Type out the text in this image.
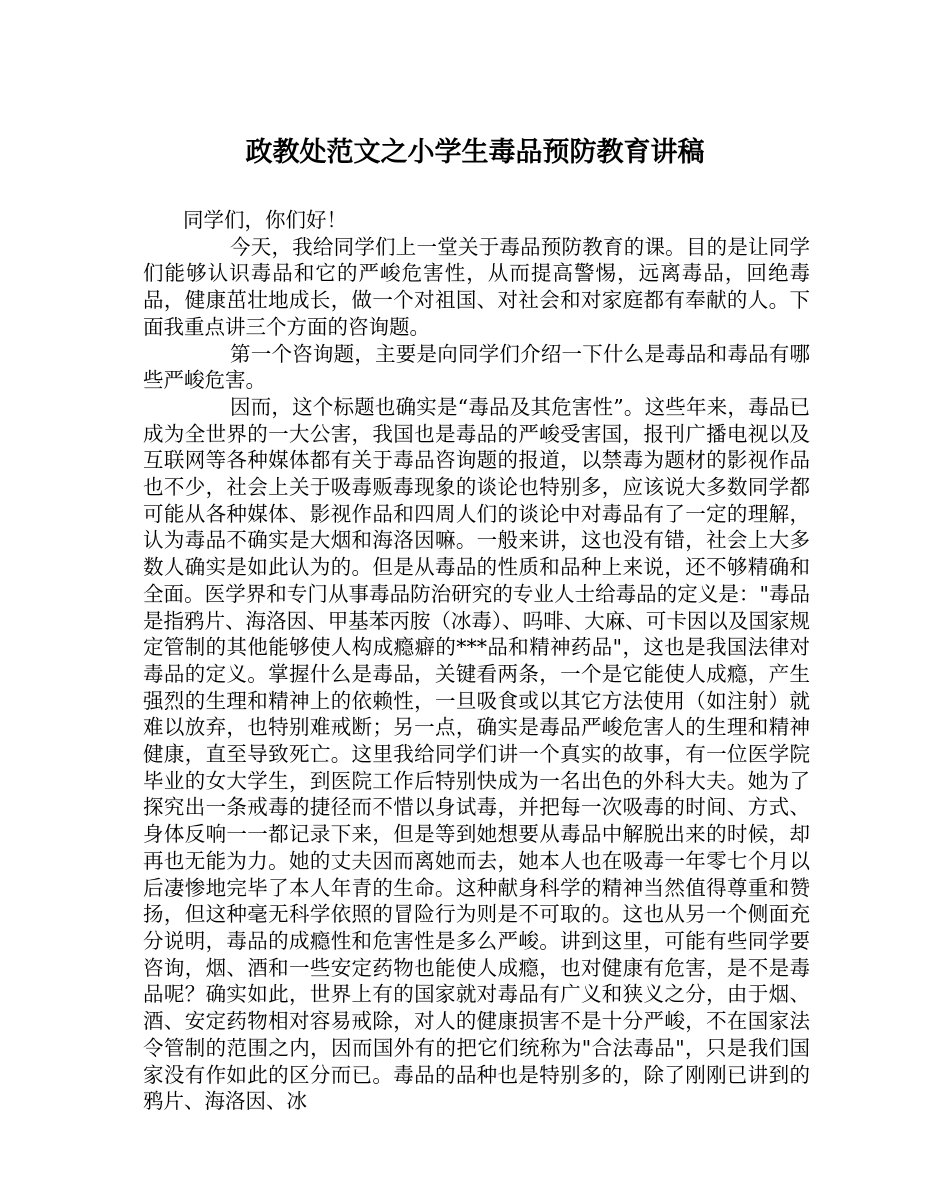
政教处范文之小学生毒品预防教育讲稿

同学们，你们好！

今天，我给同学们上一堂关于毒品预防教育的课。目的是让同学们能够认识毒品和它的严峻危害性，从而提高警惕，远离毒品，回绝毒品，健康茁壮地成长，做一个对祖国、对社会和对家庭都有奉献的人。下面我重点讲三个方面的咨询题。

第一个咨询题，主要是向同学们介绍一下什么是毒品和毒品有哪些严峻危害。

因而，这个标题也确实是“毒品及其危害性”。这些年来，毒品已成为全世界的一大公害，我国也是毒品的严峻受害国，报刊广播电视以及互联网等各种媒体都有关于毒品咨询题的报道，以禁毒为题材的影视作品也不少，社会上关于吸毒贩毒现象的谈论也特别多，应该说大多数同学都可能从各种媒体、影视作品和四周人们的谈论中对毒品有了一定的理解，认为毒品不确实是大烟和海洛因嘛。一般来讲，这也没有错，社会上大多数人确实是如此认为的。但是从毒品的性质和品种上来说，还不够精确和全面。医学界和专门从事毒品防治研究的专业人士给毒品的定义是："毒品是指鸦片、海洛因、甲基苯丙胺（冰毒）、吗啡、大麻、可卡因以及国家规定管制的其他能够使人构成瘾癖的***品和精神药品"，这也是我国法律对毒品的定义。掌握什么是毒品，关键看两条，一个是它能使人成瘾，产生强烈的生理和精神上的依赖性，一旦吸食或以其它方法使用（如注射）就难以放弃，也特别难戒断；另一点，确实是毒品严峻危害人的生理和精神健康，直至导致死亡。这里我给同学们讲一个真实的故事，有一位医学院毕业的女大学生，到医院工作后特别快成为一名出色的外科大夫。她为了探究出一条戒毒的捷径而不惜以身试毒，并把每一次吸毒的时间、方式、身体反响一一都记录下来，但是等到她想要从毒品中解脱出来的时候，却再也无能为力。她的丈夫因而离她而去，她本人也在吸毒一年零七个月以后凄惨地完毕了本人年青的生命。这种献身科学的精神当然值得尊重和赞扬，但这种毫无科学依照的冒险行为则是不可取的。这也从另一个侧面充分说明，毒品的成瘾性和危害性是多么严峻。讲到这里，可能有些同学要咨询，烟、酒和一些安定药物也能使人成瘾，也对健康有危害，是不是毒品呢？确实如此，世界上有的国家就对毒品有广义和狭义之分，由于烟、酒、安定药物相对容易戒除，对人的健康损害不是十分严峻，不在国家法令管制的范围之内，因而国外有的把它们统称为"合法毒品"，只是我们国家没有作如此的区分而已。毒品的品种也是特别多的，除了刚刚已讲到的鸦片、海洛因、冰
